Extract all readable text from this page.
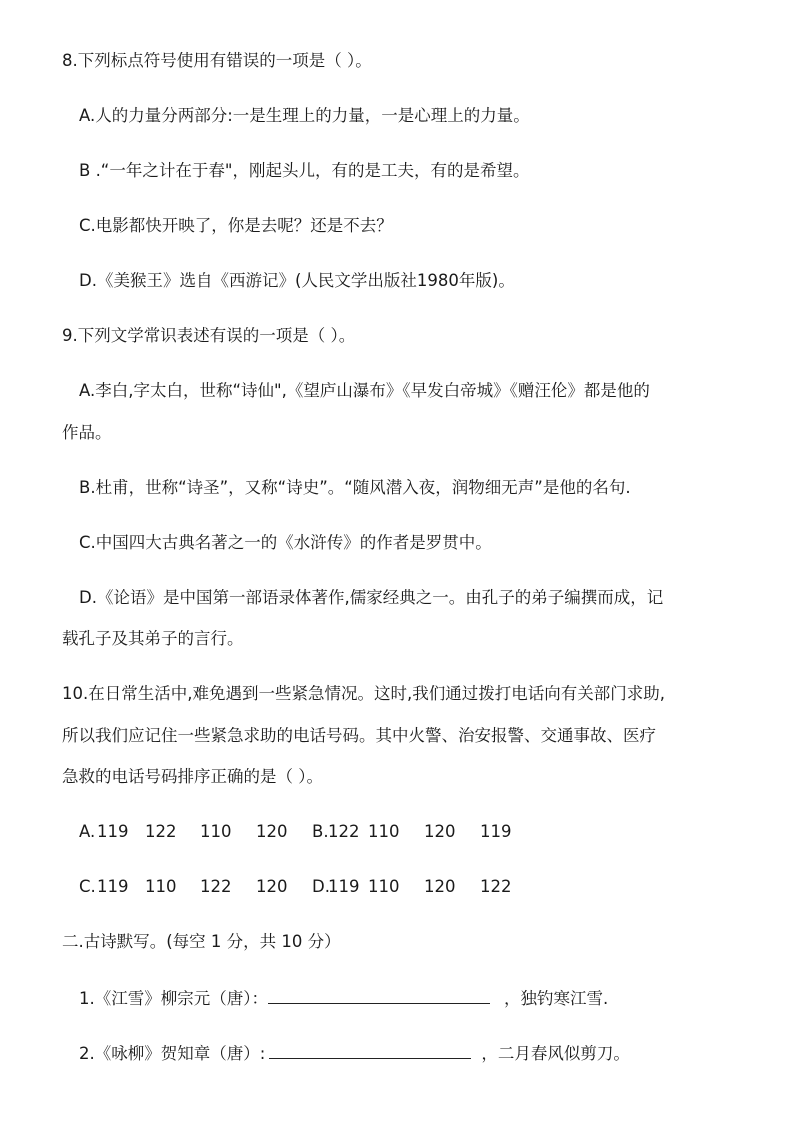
8.下列标点符号使用有错误的一项是（ ）。
A.人的力量分两部分:一是生理上的力量，一是心理上的力量。
B .“一年之计在于春"，刚起头儿，有的是工夫，有的是希望。
C.电影都快开映了，你是去呢？还是不去？
D.《美猴王》选自《西游记》(人民文学出版社1980年版)。
9.下列文学常识表述有误的一项是（ ）。
A.李白,字太白，世称“诗仙",《望庐山瀑布》《早发白帝城》《赠汪伦》都是他的
作品。
B.杜甫，世称“诗圣”，又称“诗史”。“随风潜入夜，润物细无声”是他的名句.
C.中国四大古典名著之一的《水浒传》的作者是罗贯中。
D.《论语》是中国第一部语录体著作,儒家经典之一。由孔子的弟子编撰而成，记
载孔子及其弟子的言行。
10.在日常生活中,难免遇到一些紧急情况。这时,我们通过拨打电话向有关部门求助,
所以我们应记住一些紧急求助的电话号码。其中火警、治安报警、交通事故、医疗
急救的电话号码排序正确的是（ ）。
A. 119 122 110 120 B. 122 110 120 119
C. 119 110 122 120 D.
119 110 120 122
二.古诗默写。(每空 1 分，共 10 分）
1.《江雪》柳宗元（唐）：	，独钓寒江雪.
2.《咏柳》贺知章（唐）:	，二月春风似剪刀。
